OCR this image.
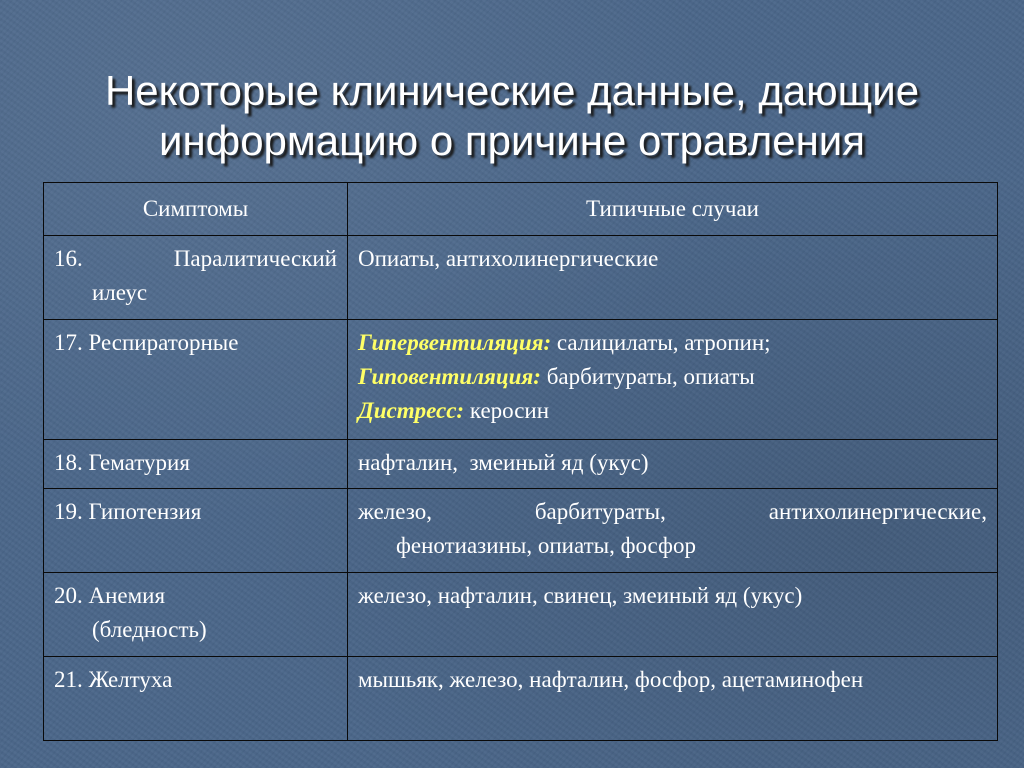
Некоторые клинические данные, дающие
информацию о причине отравления
Симптомы	Типичные случаи

16. Паралитический
илеус	Опиаты, антихолинергические
17. Респираторные	Гипервентиляция: салицилаты, атропин;
Гиповентиляция: барбитураты, опиаты
Дистресс: керосин

18. Гематурия	нафталин,  змеиный яд (укус)
19. Гипотензия	железо, барбитураты, антихолинергические,
фенотиазины, опиаты, фосфор

20. Анемия
(бледность)	железо, нафталин, свинец, змеиный яд (укус)
21. Желтуха	мышьяк, железо, нафталин, фосфор, ацетаминофен
